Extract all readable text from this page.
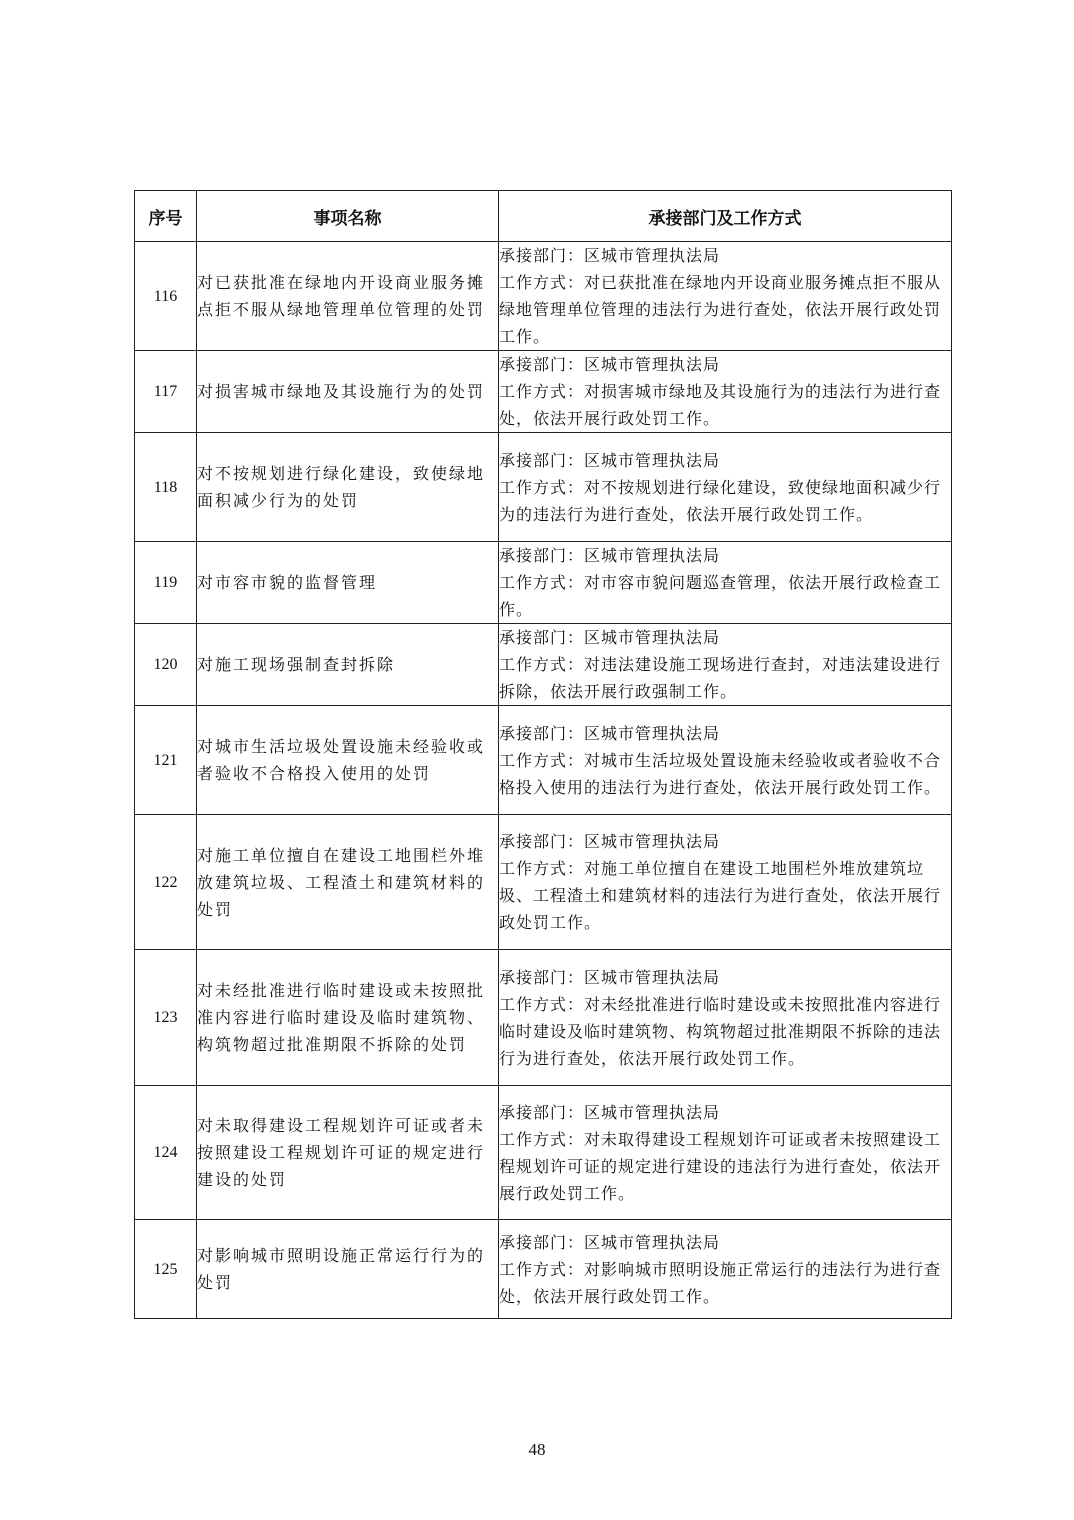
序号	事项名称	承接部门及工作方式
116	对已获批准在绿地内开设商业服务摊点拒不服从绿地管理单位管理的处罚	承接部门：区城市管理执法局
工作方式：对已获批准在绿地内开设商业服务摊点拒不服从绿地管理单位管理的违法行为进行查处，依法开展行政处罚工作。

117	对损害城市绿地及其设施行为的处罚	承接部门：区城市管理执法局
工作方式：对损害城市绿地及其设施行为的违法行为进行查处，依法开展行政处罚工作。

118	对不按规划进行绿化建设，致使绿地面积减少行为的处罚	承接部门：区城市管理执法局
工作方式：对不按规划进行绿化建设，致使绿地面积减少行为的违法行为进行查处，依法开展行政处罚工作。

119	对市容市貌的监督管理	承接部门：区城市管理执法局
工作方式：对市容市貌问题巡查管理，依法开展行政检查工作。

120	对施工现场强制查封拆除	承接部门：区城市管理执法局
工作方式：对违法建设施工现场进行查封，对违法建设进行拆除，依法开展行政强制工作。

121	对城市生活垃圾处置设施未经验收或者验收不合格投入使用的处罚	承接部门：区城市管理执法局
工作方式：对城市生活垃圾处置设施未经验收或者验收不合格投入使用的违法行为进行查处，依法开展行政处罚工作。

122	对施工单位擅自在建设工地围栏外堆放建筑垃圾、工程渣土和建筑材料的处罚	承接部门：区城市管理执法局
工作方式：对施工单位擅自在建设工地围栏外堆放建筑垃圾、工程渣土和建筑材料的违法行为进行查处，依法开展行政处罚工作。

123	对未经批准进行临时建设或未按照批准内容进行临时建设及临时建筑物、构筑物超过批准期限不拆除的处罚	承接部门：区城市管理执法局
工作方式：对未经批准进行临时建设或未按照批准内容进行临时建设及临时建筑物、构筑物超过批准期限不拆除的违法行为进行查处，依法开展行政处罚工作。

124	对未取得建设工程规划许可证或者未按照建设工程规划许可证的规定进行建设的处罚	承接部门：区城市管理执法局
工作方式：对未取得建设工程规划许可证或者未按照建设工程规划许可证的规定进行建设的违法行为进行查处，依法开展行政处罚工作。

125	对影响城市照明设施正常运行行为的处罚	承接部门：区城市管理执法局
工作方式：对影响城市照明设施正常运行的违法行为进行查处，依法开展行政处罚工作。
48
